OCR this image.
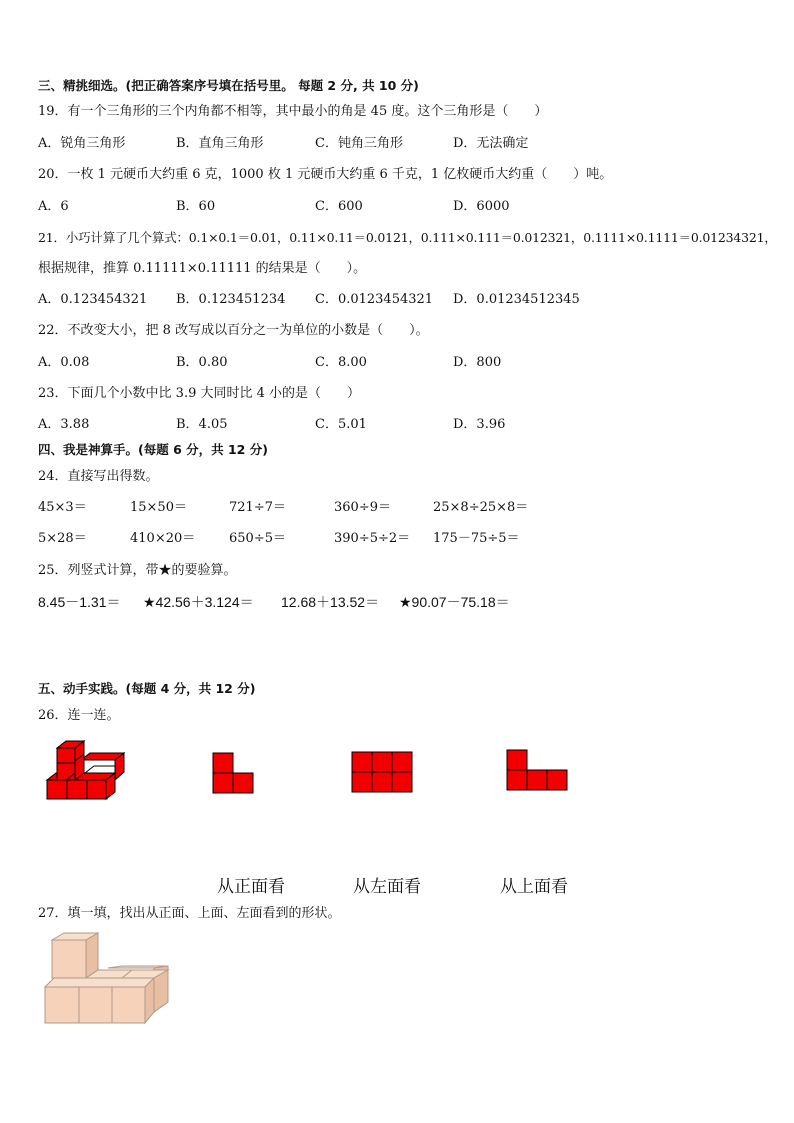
三、精挑细选。(把正确答案序号填在括号里。 每题 2 分, 共 10 分)
19．有一个三角形的三个内角都不相等，其中最小的角是 45 度。这个三角形是（　　）
A．锐角三角形	B．直角三角形	C．钝角三角形	D．无法确定
20．一枚 1 元硬币大约重 6 克，1000 枚 1 元硬币大约重 6 千克，1 亿枚硬币大约重（　　）吨。
A．6	B．60	C．600	D．6000
21．小巧计算了几个算式：0.1×0.1＝0.01，0.11×0.11＝0.0121，0.111×0.111＝0.012321，0.1111×0.1111＝0.01234321，
根据规律，推算 0.11111×0.11111 的结果是（　　）。
A．0.123454321 B．0.123451234 C．0.0123454321 D．0.01234512345
22．不改变大小，把 8 改写成以百分之一为单位的小数是（　　）。
A．0.08	B．0.80	C．8.00	D．800
23．下面几个小数中比 3.9 大同时比 4 小的是（　　）
A．3.88	B．4.05	C．5.01	D．3.96
四、我是神算手。(每题 6 分，共 12 分)
24．直接写出得数。
45×3＝	15×50＝	721÷7＝	360÷9＝	25×8÷25×8＝
5×28＝	410×20＝	650÷5＝	390÷5÷2＝ 175－75÷5＝
25．列竖式计算，带★的要验算。
8.45－1.31＝ ★42.56＋3.124＝ 12.68＋13.52＝ ★90.07－75.18＝
五、动手实践。(每题 4 分，共 12 分)
26．连一连。
从正面看	从左面看	从上面看
27．填一填，找出从正面、上面、左面看到的形状。
